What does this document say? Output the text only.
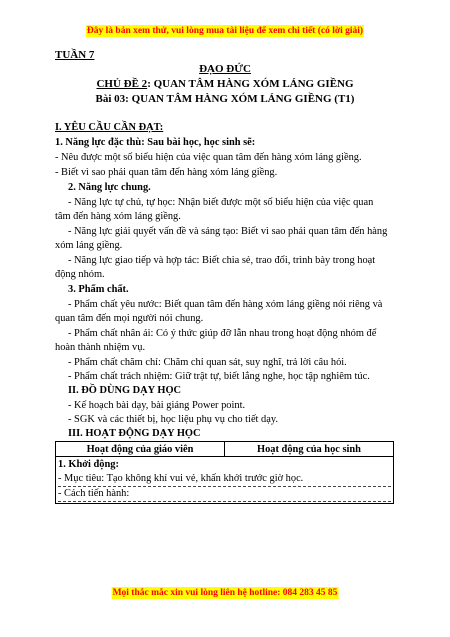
Đây là bản xem thử, vui lòng mua tài liệu để xem chi tiết (có lời giải)
TUẦN 7
ĐẠO ĐỨC
CHỦ ĐỀ 2: QUAN TÂM HÀNG XÓM LÁNG GIỀNG
Bài 03: QUAN TÂM HÀNG XÓM LÁNG GIỀNG (T1)
I. YÊU CẦU CẦN ĐẠT:
1. Năng lực đặc thù: Sau bài học, học sinh sẽ:
- Nêu được một số biểu hiện của việc quan tâm đến hàng xóm láng giềng.
- Biết vì sao phải quan tâm đến hàng xóm láng giềng.
2. Năng lực chung.
- Năng lực tự chủ, tự học: Nhận biết được một số biểu hiện của việc quan
tâm đến hàng xóm láng giềng.
- Năng lực giải quyết vấn đề và sáng tạo: Biết vì sao phải quan tâm đến hàng
xóm láng giềng.
- Năng lực giao tiếp và hợp tác: Biết chia sẻ, trao đổi, trình bày trong hoạt
động nhóm.
3. Phẩm chất.
- Phẩm chất yêu nước: Biết quan tâm đến hàng xóm láng giềng nói riêng và
quan tâm đến mọi người nói chung.
- Phẩm chất nhân ái: Có ý thức giúp đỡ lẫn nhau trong hoạt động nhóm để
hoàn thành nhiệm vụ.
- Phẩm chất chăm chỉ: Chăm chỉ quan sát, suy nghĩ, trả lời câu hỏi.
- Phẩm chất trách nhiệm: Giữ trật tự, biết lắng nghe, học tập nghiêm túc.
II. ĐỒ DÙNG DẠY HỌC
- Kế hoạch bài dạy, bài giảng Power point.
- SGK và các thiết bị, học liệu phụ vụ cho tiết dạy.
III. HOẠT ĐỘNG DẠY HỌC
Hoạt động của giáo viên	Hoạt động của học sinh

1. Khởi động:
- Mục tiêu: Tạo không khí vui vẻ, khấn khởi trước giờ học.
- Cách tiến hành:
Mọi thắc mắc xin vui lòng liên hệ hotline: 084 283 45 85
